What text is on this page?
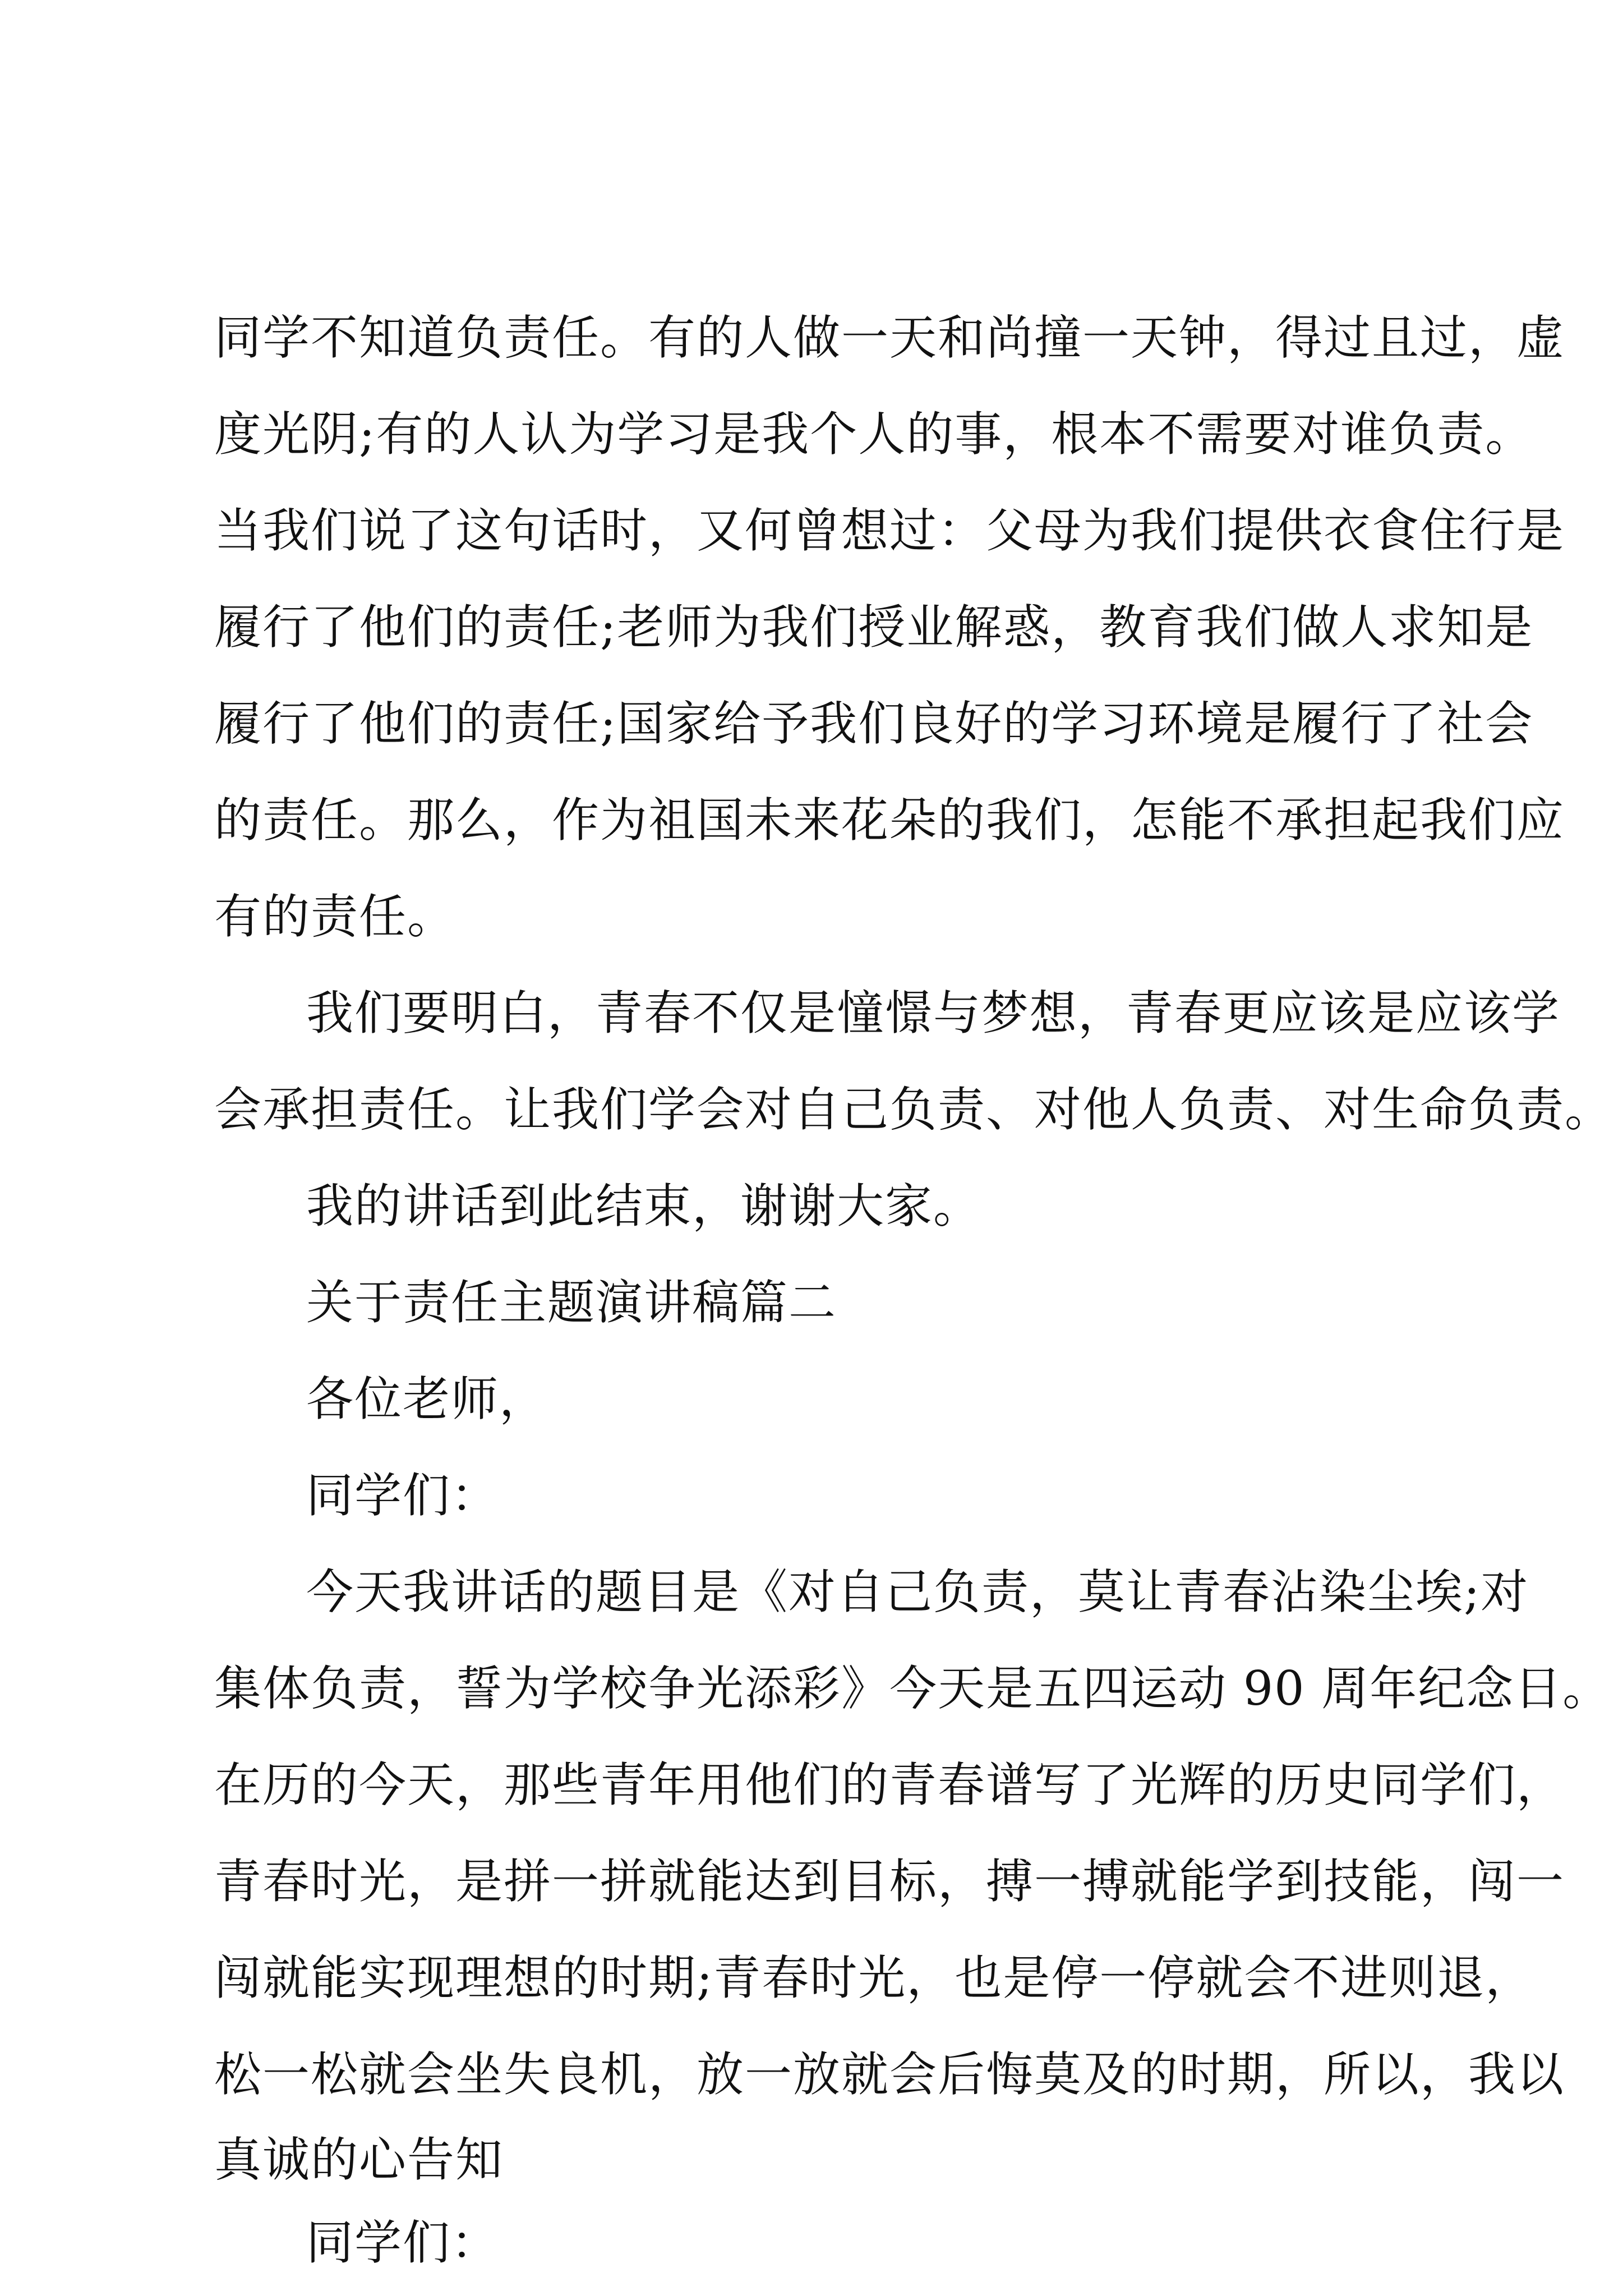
同学不知道负责任。有的人做一天和尚撞一天钟，得过且过，虚
度光阴;有的人认为学习是我个人的事，根本不需要对谁负责。
当我们说了这句话时，又何曾想过：父母为我们提供衣食住行是
履行了他们的责任;老师为我们授业解惑，教育我们做人求知是
履行了他们的责任;国家给予我们良好的学习环境是履行了社会
的责任。那么，作为祖国未来花朵的我们，怎能不承担起我们应
有的责任。
我们要明白，青春不仅是憧憬与梦想，青春更应该是应该学
会承担责任。让我们学会对自己负责、对他人负责、对生命负责。
我的讲话到此结束，谢谢大家。
关于责任主题演讲稿篇二
各位老师，
同学们：
今天我讲话的题目是《对自己负责，莫让青春沾染尘埃;对
集体负责，誓为学校争光添彩》今天是五四运动 90 周年纪念日。
在历的今天，那些青年用他们的青春谱写了光辉的历史同学们，
青春时光，是拼一拼就能达到目标，搏一搏就能学到技能，闯一
闯就能实现理想的时期;青春时光，也是停一停就会不进则退，
松一松就会坐失良机，放一放就会后悔莫及的时期，所以，我以
真诚的心告知
同学们：
